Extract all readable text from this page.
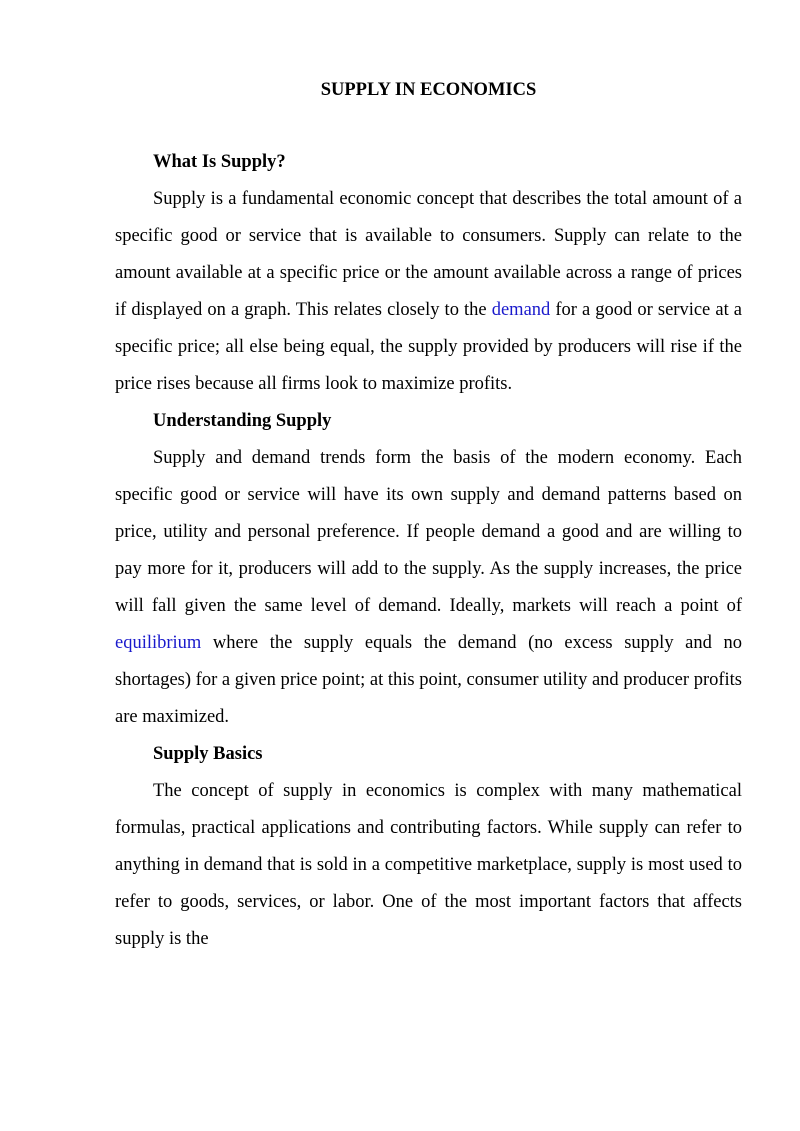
SUPPLY IN ECONOMICS
What Is Supply?

Supply is a fundamental economic concept that describes the total amount of a specific good or service that is available to consumers. Supply can relate to the amount available at a specific price or the amount available across a range of prices if displayed on a graph. This relates closely to the demand for a good or service at a specific price; all else being equal, the supply provided by producers will rise if the price rises because all firms look to maximize profits.

Understanding Supply

Supply and demand trends form the basis of the modern economy. Each specific good or service will have its own supply and demand patterns based on price, utility and personal preference. If people demand a good and are willing to pay more for it, producers will add to the supply. As the supply increases, the price will fall given the same level of demand. Ideally, markets will reach a point of equilibrium where the supply equals the demand (no excess supply and no shortages) for a given price point; at this point, consumer utility and producer profits are maximized.

Supply Basics

The concept of supply in economics is complex with many mathematical formulas, practical applications and contributing factors. While supply can refer to anything in demand that is sold in a competitive marketplace, supply is most used to refer to goods, services, or labor. One of the most important factors that affects supply is the
